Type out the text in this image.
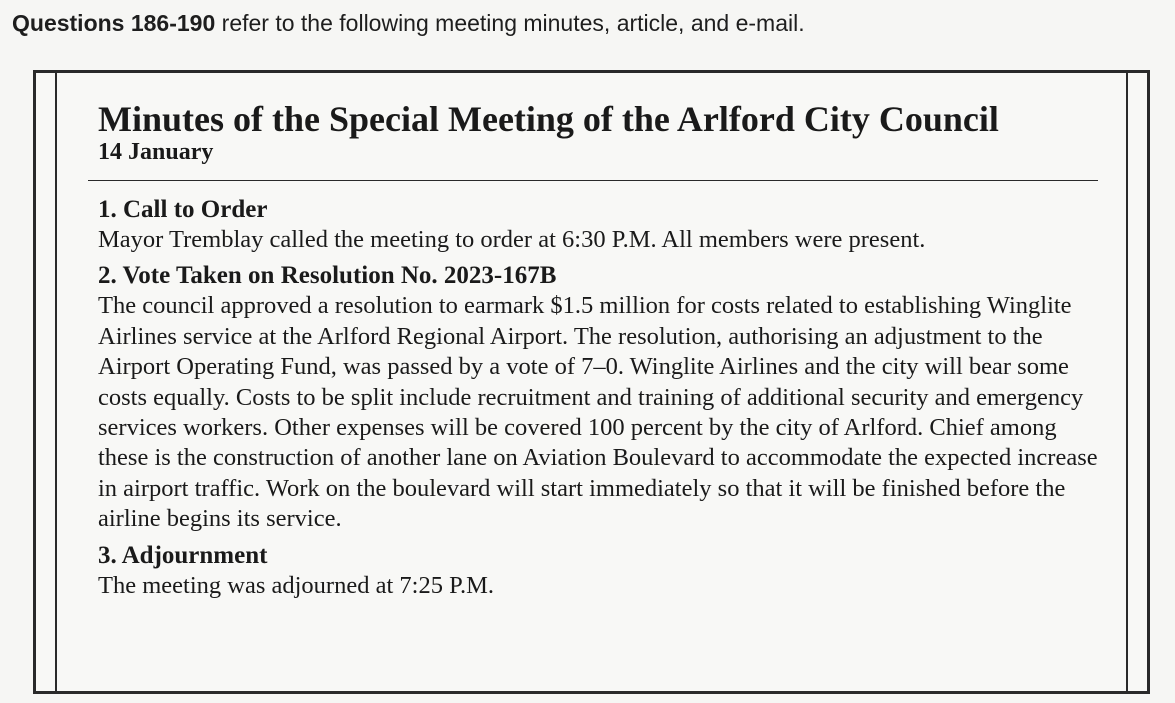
Questions 186-190 refer to the following meeting minutes, article, and e-mail.
Minutes of the Special Meeting of the Arlford City Council

14 January

1. Call to Order

Mayor Tremblay called the meeting to order at 6:30 P.M. All members were present.

2. Vote Taken on Resolution No. 2023-167B

The council approved a resolution to earmark $1.5 million for costs related to establishing Winglite Airlines service at the Arlford Regional Airport. The resolution, authorising an adjustment to the Airport Operating Fund, was passed by a vote of 7–0. Winglite Airlines and the city will bear some costs equally. Costs to be split include recruitment and training of additional security and emergency services workers. Other expenses will be covered 100 percent by the city of Arlford. Chief among these is the construction of another lane on Aviation Boulevard to accommodate the expected increase in airport traffic. Work on the boulevard will start immediately so that it will be finished before the airline begins its service.

3. Adjournment

The meeting was adjourned at 7:25 P.M.
